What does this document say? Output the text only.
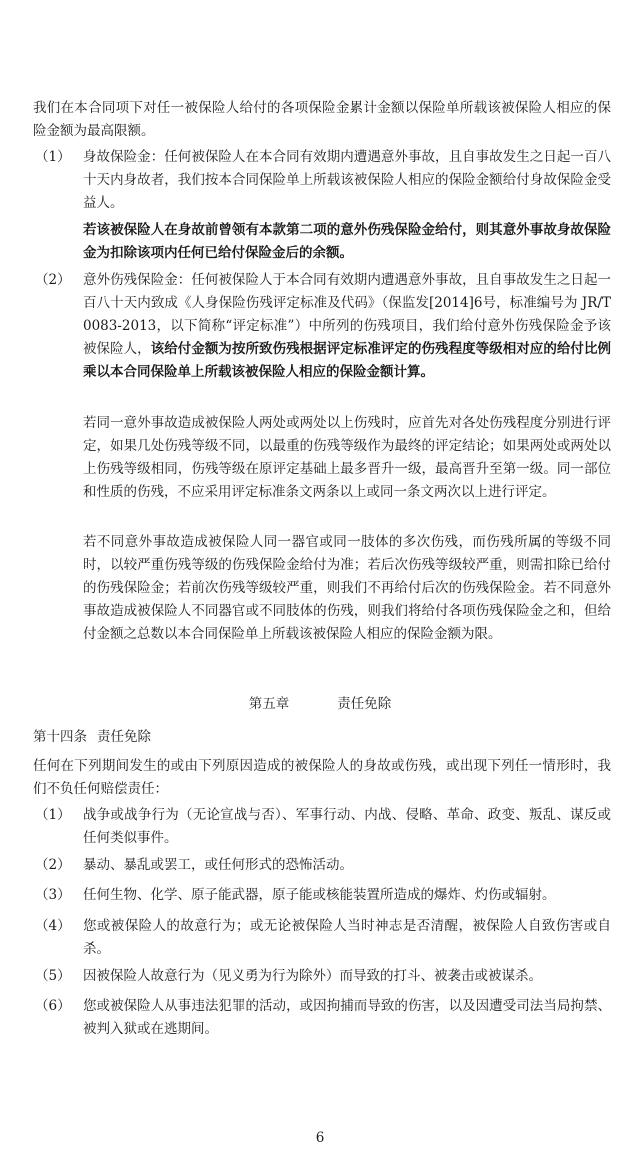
我们在本合同项下对任一被保险人给付的各项保险金累计金额以保险单所载该被保险人相应的保险金额为最高限额。
（1） 身故保险金：任何被保险人在本合同有效期内遭遇意外事故，且自事故发生之日起一百八十天内身故者，我们按本合同保险单上所载该被保险人相应的保险金额给付身故保险金受益人。
若该被保险人在身故前曾领有本款第二项的意外伤残保险金给付，则其意外事故身故保险金为扣除该项内任何已给付保险金后的余额。
（2） 意外伤残保险金：任何被保险人于本合同有效期内遭遇意外事故，且自事故发生之日起一百八十天内致成《人身保险伤残评定标准及代码》（保监发[2014]6号，标准编号为 JR/T 0083-2013，以下简称“评定标准”）中所列的伤残项目，我们给付意外伤残保险金予该被保险人，该给付金额为按所致伤残根据评定标准评定的伤残程度等级相对应的给付比例乘以本合同保险单上所载该被保险人相应的保险金额计算。
若同一意外事故造成被保险人两处或两处以上伤残时，应首先对各处伤残程度分别进行评定，如果几处伤残等级不同，以最重的伤残等级作为最终的评定结论；如果两处或两处以上伤残等级相同，伤残等级在原评定基础上最多晋升一级，最高晋升至第一级。同一部位和性质的伤残，不应采用评定标准条文两条以上或同一条文两次以上进行评定。
若不同意外事故造成被保险人同一器官或同一肢体的多次伤残，而伤残所属的等级不同时，以较严重伤残等级的伤残保险金给付为准；若后次伤残等级较严重，则需扣除已给付的伤残保险金；若前次伤残等级较严重，则我们不再给付后次的伤残保险金。若不同意外事故造成被保险人不同器官或不同肢体的伤残，则我们将给付各项伤残保险金之和，但给付金额之总数以本合同保险单上所载该被保险人相应的保险金额为限。
第五章	责任免除
第十四条 责任免除
任何在下列期间发生的或由下列原因造成的被保险人的身故或伤残，或出现下列任一情形时，我们不负任何赔偿责任：
（1） 战争或战争行为（无论宣战与否）、军事行动、内战、侵略、革命、政变、叛乱、谋反或任何类似事件。
（2） 暴动、暴乱或罢工，或任何形式的恐怖活动。
（3） 任何生物、化学、原子能武器，原子能或核能装置所造成的爆炸、灼伤或辐射。
（4） 您或被保险人的故意行为；或无论被保险人当时神志是否清醒，被保险人自致伤害或自杀。
（5） 因被保险人故意行为（见义勇为行为除外）而导致的打斗、被袭击或被谋杀。
（6） 您或被保险人从事违法犯罪的活动，或因拘捕而导致的伤害，以及因遭受司法当局拘禁、被判入狱或在逃期间。
6
